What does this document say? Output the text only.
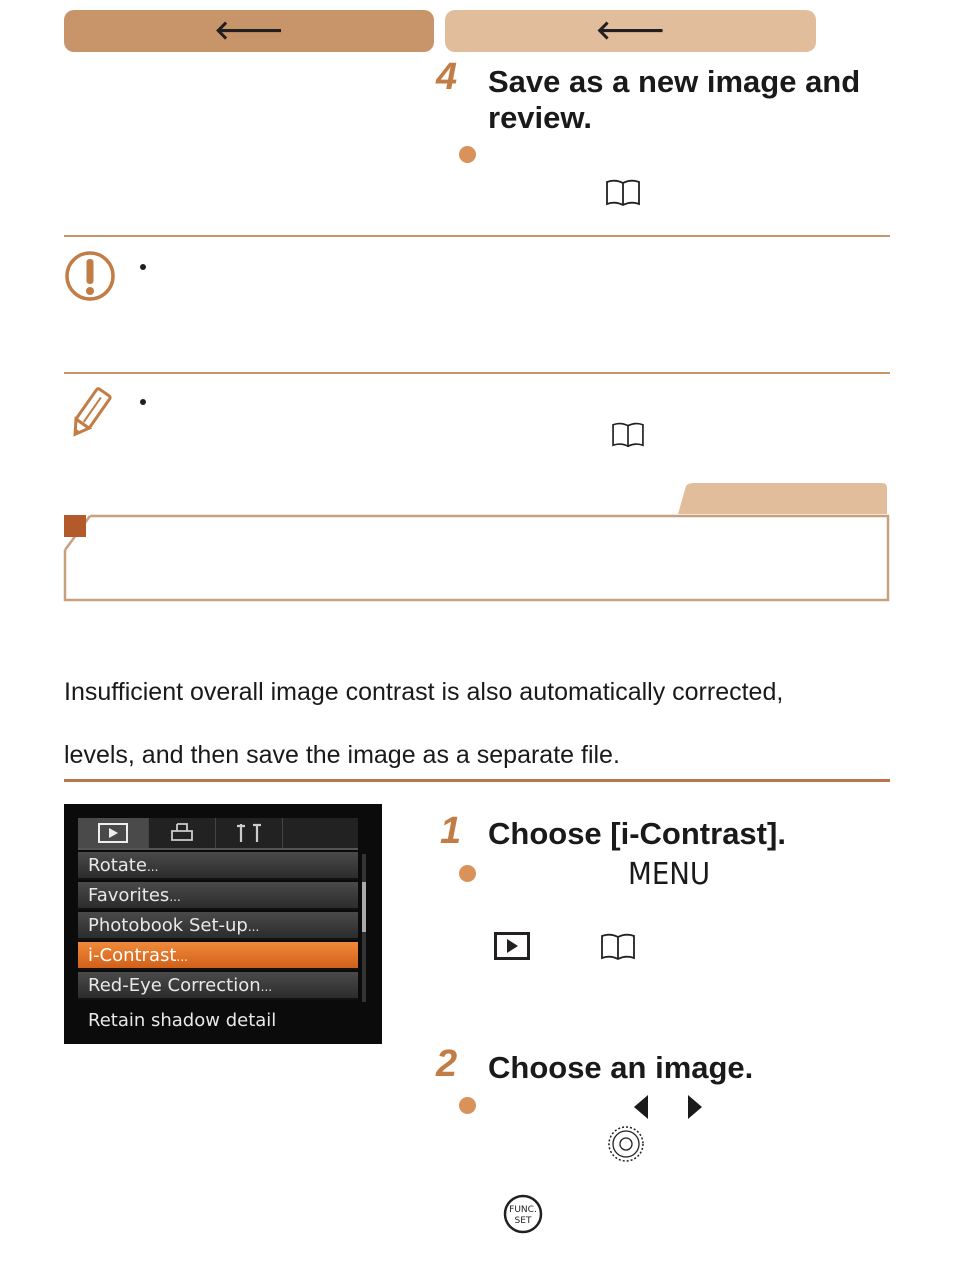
🡐	🡐
4 Save as a new image and review.
Insufficient overall image contrast is also automatically corrected,
levels, and then save the image as a separate file.
Rotate...
Favorites...
Photobook Set-up...
i-Contrast...
Red-Eye Correction...
Retain shadow detail
1 Choose [i-Contrast].
MENU
2 Choose an image.
FUNC.
SET
